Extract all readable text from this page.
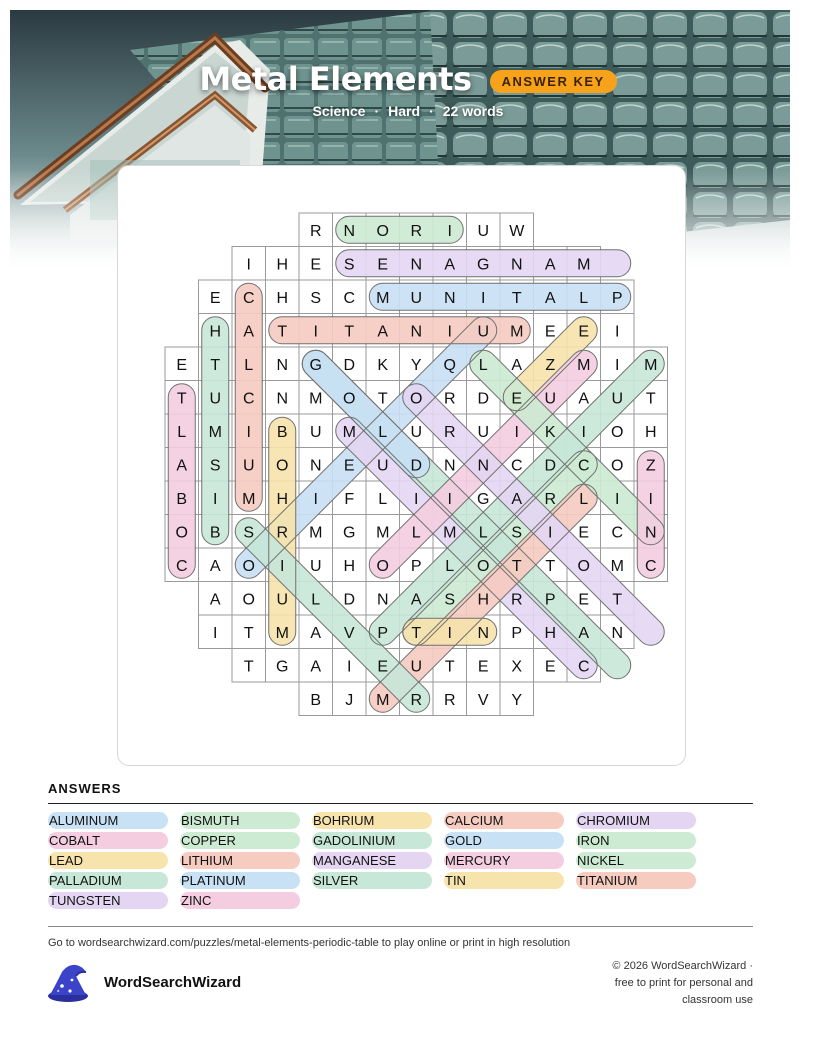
Metal Elements ANSWER KEY
Science · Hard · 22 words
R N O R I U W
I H E S E N A G N A M
E C H S C M U N I T A L P
H A T I T A N I U M E E I
E T L N G D K Y Q L A Z M I M
T U C N M O T O R D E U A U T
L M I B U M L U R U I K I O H
A S U O N E U D N N C D C O Z
B I M H I F L I I G A R L I I
O B S R M G M L M L S I E C N
C A O I U H O P L O T T O M C
A O U L D N A S H R P E T
I T M A V P T I N P H A N
T G A I E U T E X E C
B J M R R V Y
ANSWERS
ALUMINUM	BISMUTH	BOHRIUM	CALCIUM	CHROMIUM
COBALT	COPPER	GADOLINIUM	GOLD	IRON
LEAD	LITHIUM	MANGANESE	MERCURY	NICKEL
PALLADIUM	PLATINUM	SILVER	TIN	TITANIUM
TUNGSTEN	ZINC
Go to wordsearchwizard.com/puzzles/metal-elements-periodic-table to play online or print in high resolution
WordSearchWizard
© 2026 WordSearchWizard ·
free to print for personal and
classroom use
